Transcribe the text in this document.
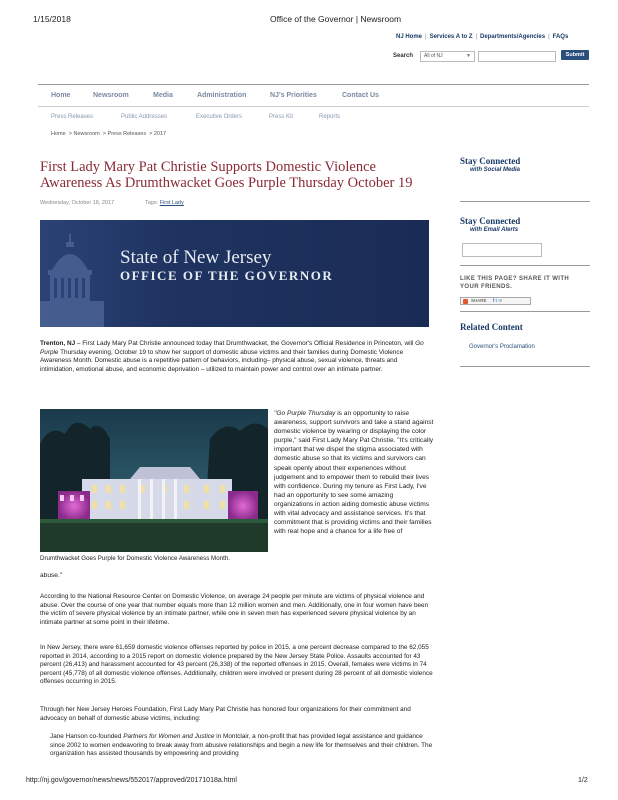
1/15/2018	Office of the Governor | Newsroom
NJ Home | Services A to Z | Departments/Agencies | FAQs
Search	All of NJ	▼	Submit
Home	Newsroom	Media	Administration	NJ's Priorities	Contact Us
Press Releases	Public Addresses	Executive Orders	Press Kit	Reports
Home  > Newsroom  > Press Releases  > 2017
First Lady Mary Pat Christie Supports Domestic Violence Awareness As Drumthwacket Goes Purple Thursday October 19
Wednesday, October 18, 2017	Tags: First Lady
State of New Jersey
OFFICE OF THE GOVERNOR
Trenton, NJ – First Lady Mary Pat Christie announced today that Drumthwacket, the Governor's Official Residence in Princeton, will Go Purple Thursday evening, October 19 to show her support of domestic abuse victims and their families during Domestic Violence Awareness Month. Domestic abuse is a repetitive pattern of behaviors, including– physical abuse, sexual violence, threats and intimidation, emotional abuse, and economic deprivation – utilized to maintain power and control over an intimate partner.
Drumthwacket Goes Purple for Domestic Violence Awareness Month.
"Go Purple Thursday is an opportunity to raise awareness, support survivors and take a stand against domestic violence by wearing or displaying the color purple," said First Lady Mary Pat Christie. "It's critically important that we dispel the stigma associated with domestic abuse so that its victims and survivors can speak openly about their experiences without judgement and to empower them to rebuild their lives with confidence. During my tenure as First Lady, I've had an opportunity to see some amazing organizations in action aiding domestic abuse victims with vital advocacy and assistance services. It's that commitment that is providing victims and their families with real hope and a chance for a life free of
abuse."
According to the National Resource Center on Domestic Violence, on average 24 people per minute are victims of physical violence and abuse. Over the course of one year that number equals more than 12 million women and men. Additionally, one in four women have been the victim of severe physical violence by an intimate partner, while one in seven men has experienced severe physical violence by an intimate partner at some point in their lifetime.
In New Jersey, there were 61,659 domestic violence offenses reported by police in 2015, a one percent decrease compared to the 62,055 reported in 2014, according to a 2015 report on domestic violence prepared by the New Jersey State Police. Assaults accounted for 43 percent (26,413) and harassment accounted for 43 percent (26,338) of the reported offenses in 2015. Overall, females were victims in 74 percent (45,778) of all domestic violence offenses. Additionally, children were involved or present during 28 percent of all domestic violence offenses occurring in 2015.
Through her New Jersey Heroes Foundation, First Lady Mary Pat Christie has honored four organizations for their commitment and advocacy on behalf of domestic abuse victims, including:
Jane Hanson co-founded Partners for Women and Justice in Montclair, a non-profit that has provided legal assistance and guidance since 2002 to women endeavoring to break away from abusive relationships and begin a new life for themselves and their children. The organization has assisted thousands by empowering and providing
Stay Connected
with Social Media
Stay Connected
with Email Alerts
LIKE THIS PAGE? SHARE IT WITH YOUR FRIENDS.
SHARE f t ✉
Related Content
Governor's Proclamation
http://nj.gov/governor/news/news/552017/approved/20171018a.html	1/2
